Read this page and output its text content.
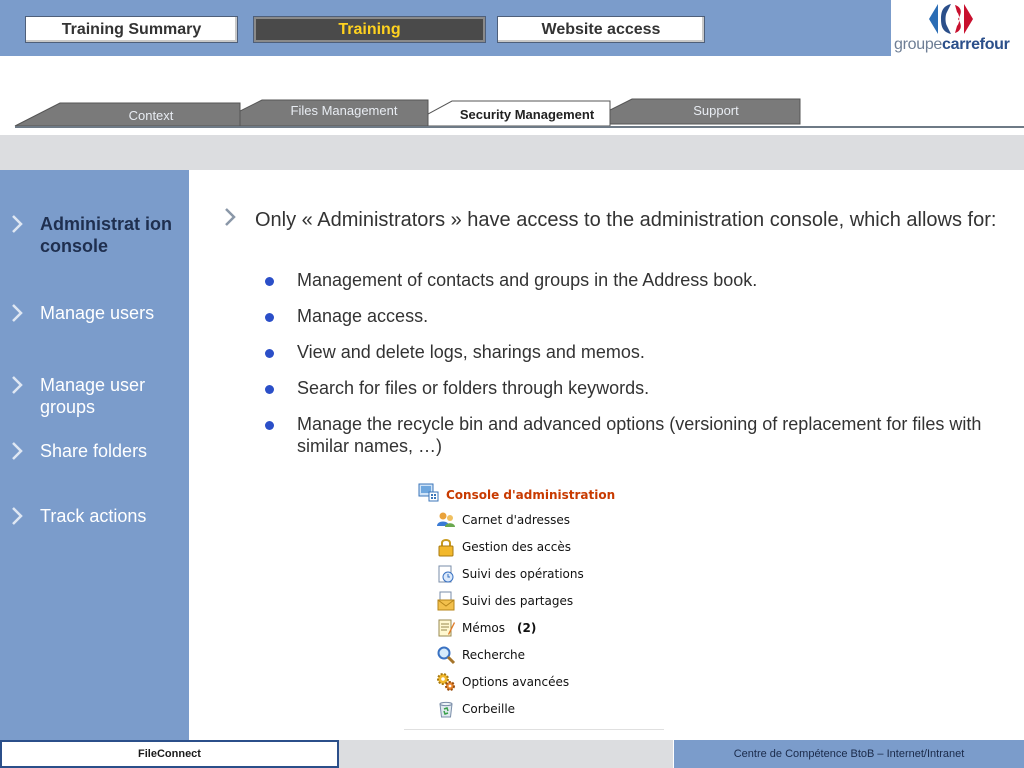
Training Summary	Training	Website access
groupecarrefour
Context	Files Management	Security Management	Support
Administrat ion console
Manage users
Manage user groups
Share folders
Track actions
Only « Administrators » have access to the administration console, which allows for:
Management of contacts and groups in the Address book.
Manage access.
View and delete logs, sharings and memos.
Search for files or folders through keywords.
Manage the recycle bin and advanced options (versioning of replacement for files with similar names, …)
Console d'administration
Carnet d'adresses
Gestion des accès
Suivi des opérations
Suivi des partages
Mémos (2)
Recherche
Options avancées
Corbeille
FileConnect	Centre de Compétence BtoB – Internet/Intranet
